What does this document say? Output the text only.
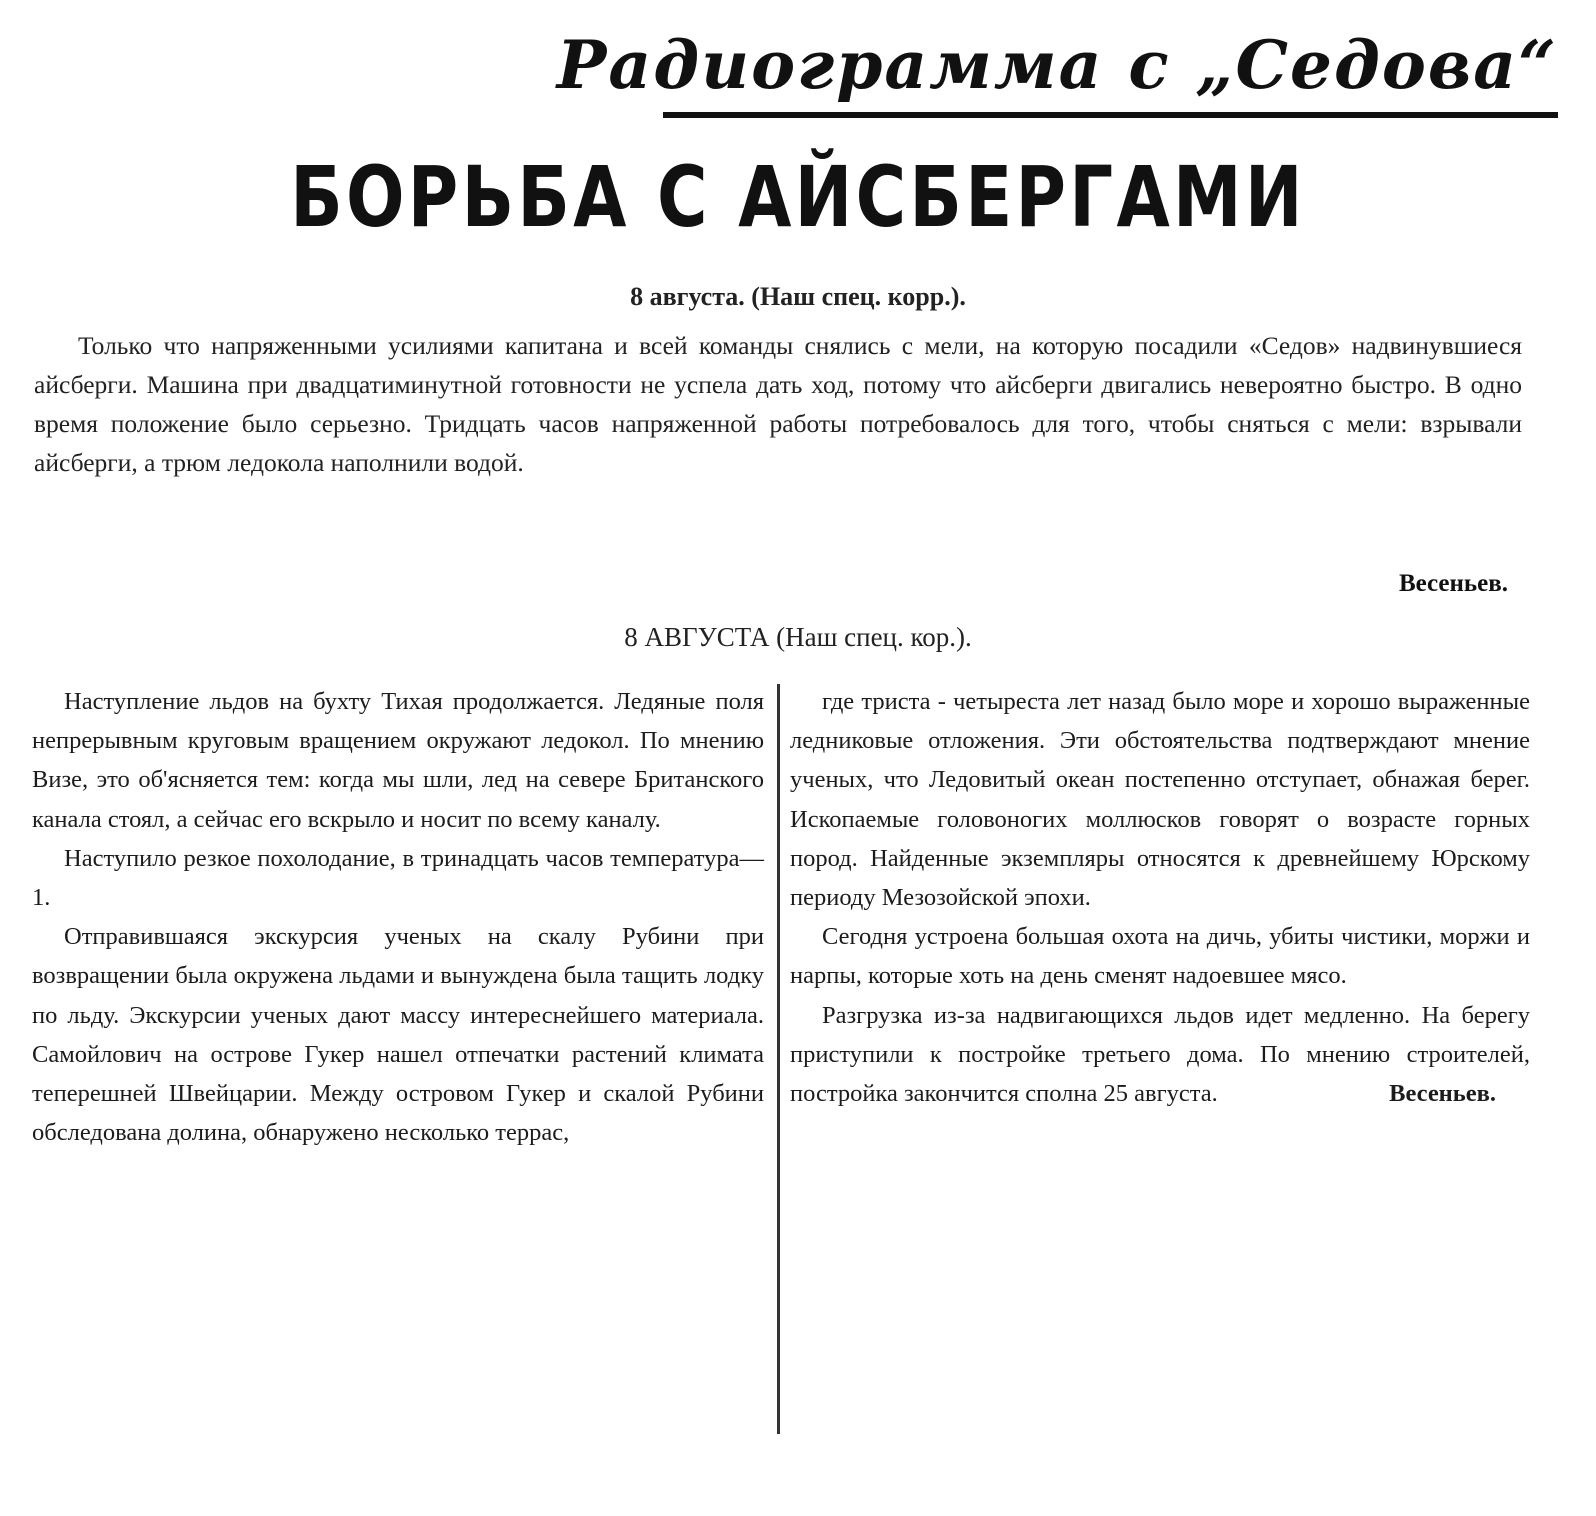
Радиограмма с „Седова“
БОРЬБА С АЙСБЕРГАМИ
8 августа. (Наш спец. корр.).

Только что напряженными усилиями капитана и всей команды снялись с мели, на которую посадили «Седов» надвинувшиеся айсберги. Машина при двадцатиминутной готовности не успела дать ход, потому что айсберги двигались невероятно быстро. В одно время положение было серьезно. Тридцать часов напряженной работы потребовалось для того, чтобы сняться с мели: взрывали айсберги, а трюм ледокола наполнили водой.

Весеньев.
8 АВГУСТА (Наш спец. кор.).

Наступление льдов на бухту Тихая продолжается. Ледяные поля непрерывным круговым вращением окружают ледокол. По мнению Визе, это об'ясняется тем: когда мы шли, лед на севере Британского канала стоял, а сейчас его вскрыло и носит по всему каналу.

Наступило резкое похолодание, в тринадцать часов температура—1.

Отправившаяся экскурсия ученых на скалу Рубини при возвращении была окружена льдами и вынуждена была тащить лодку по льду. Экскурсии ученых дают массу интереснейшего материала. Самойлович на острове Гукер нашел отпечатки растений климата теперешней Швейцарии. Между островом Гукер и скалой Рубини обследована долина, обнаружено несколько террас,

где триста - четыреста лет назад было море и хорошо выраженные ледниковые отложения. Эти обстоятельства подтверждают мнение ученых, что Ледовитый океан постепенно отступает, обнажая берег. Ископаемые головоногих моллюсков говорят о возрасте горных пород. Найденные экземпляры относятся к древнейшему Юрскому периоду Мезозойской эпохи.

Сегодня устроена большая охота на дичь, убиты чистики, моржи и нарпы, которые хоть на день сменят надоевшее мясо.

Разгрузка из-за надвигающихся льдов идет медленно. На берегу приступили к постройке третьего дома. По мнению строителей, постройка закончится сполна 25 августа.	Весеньев.
